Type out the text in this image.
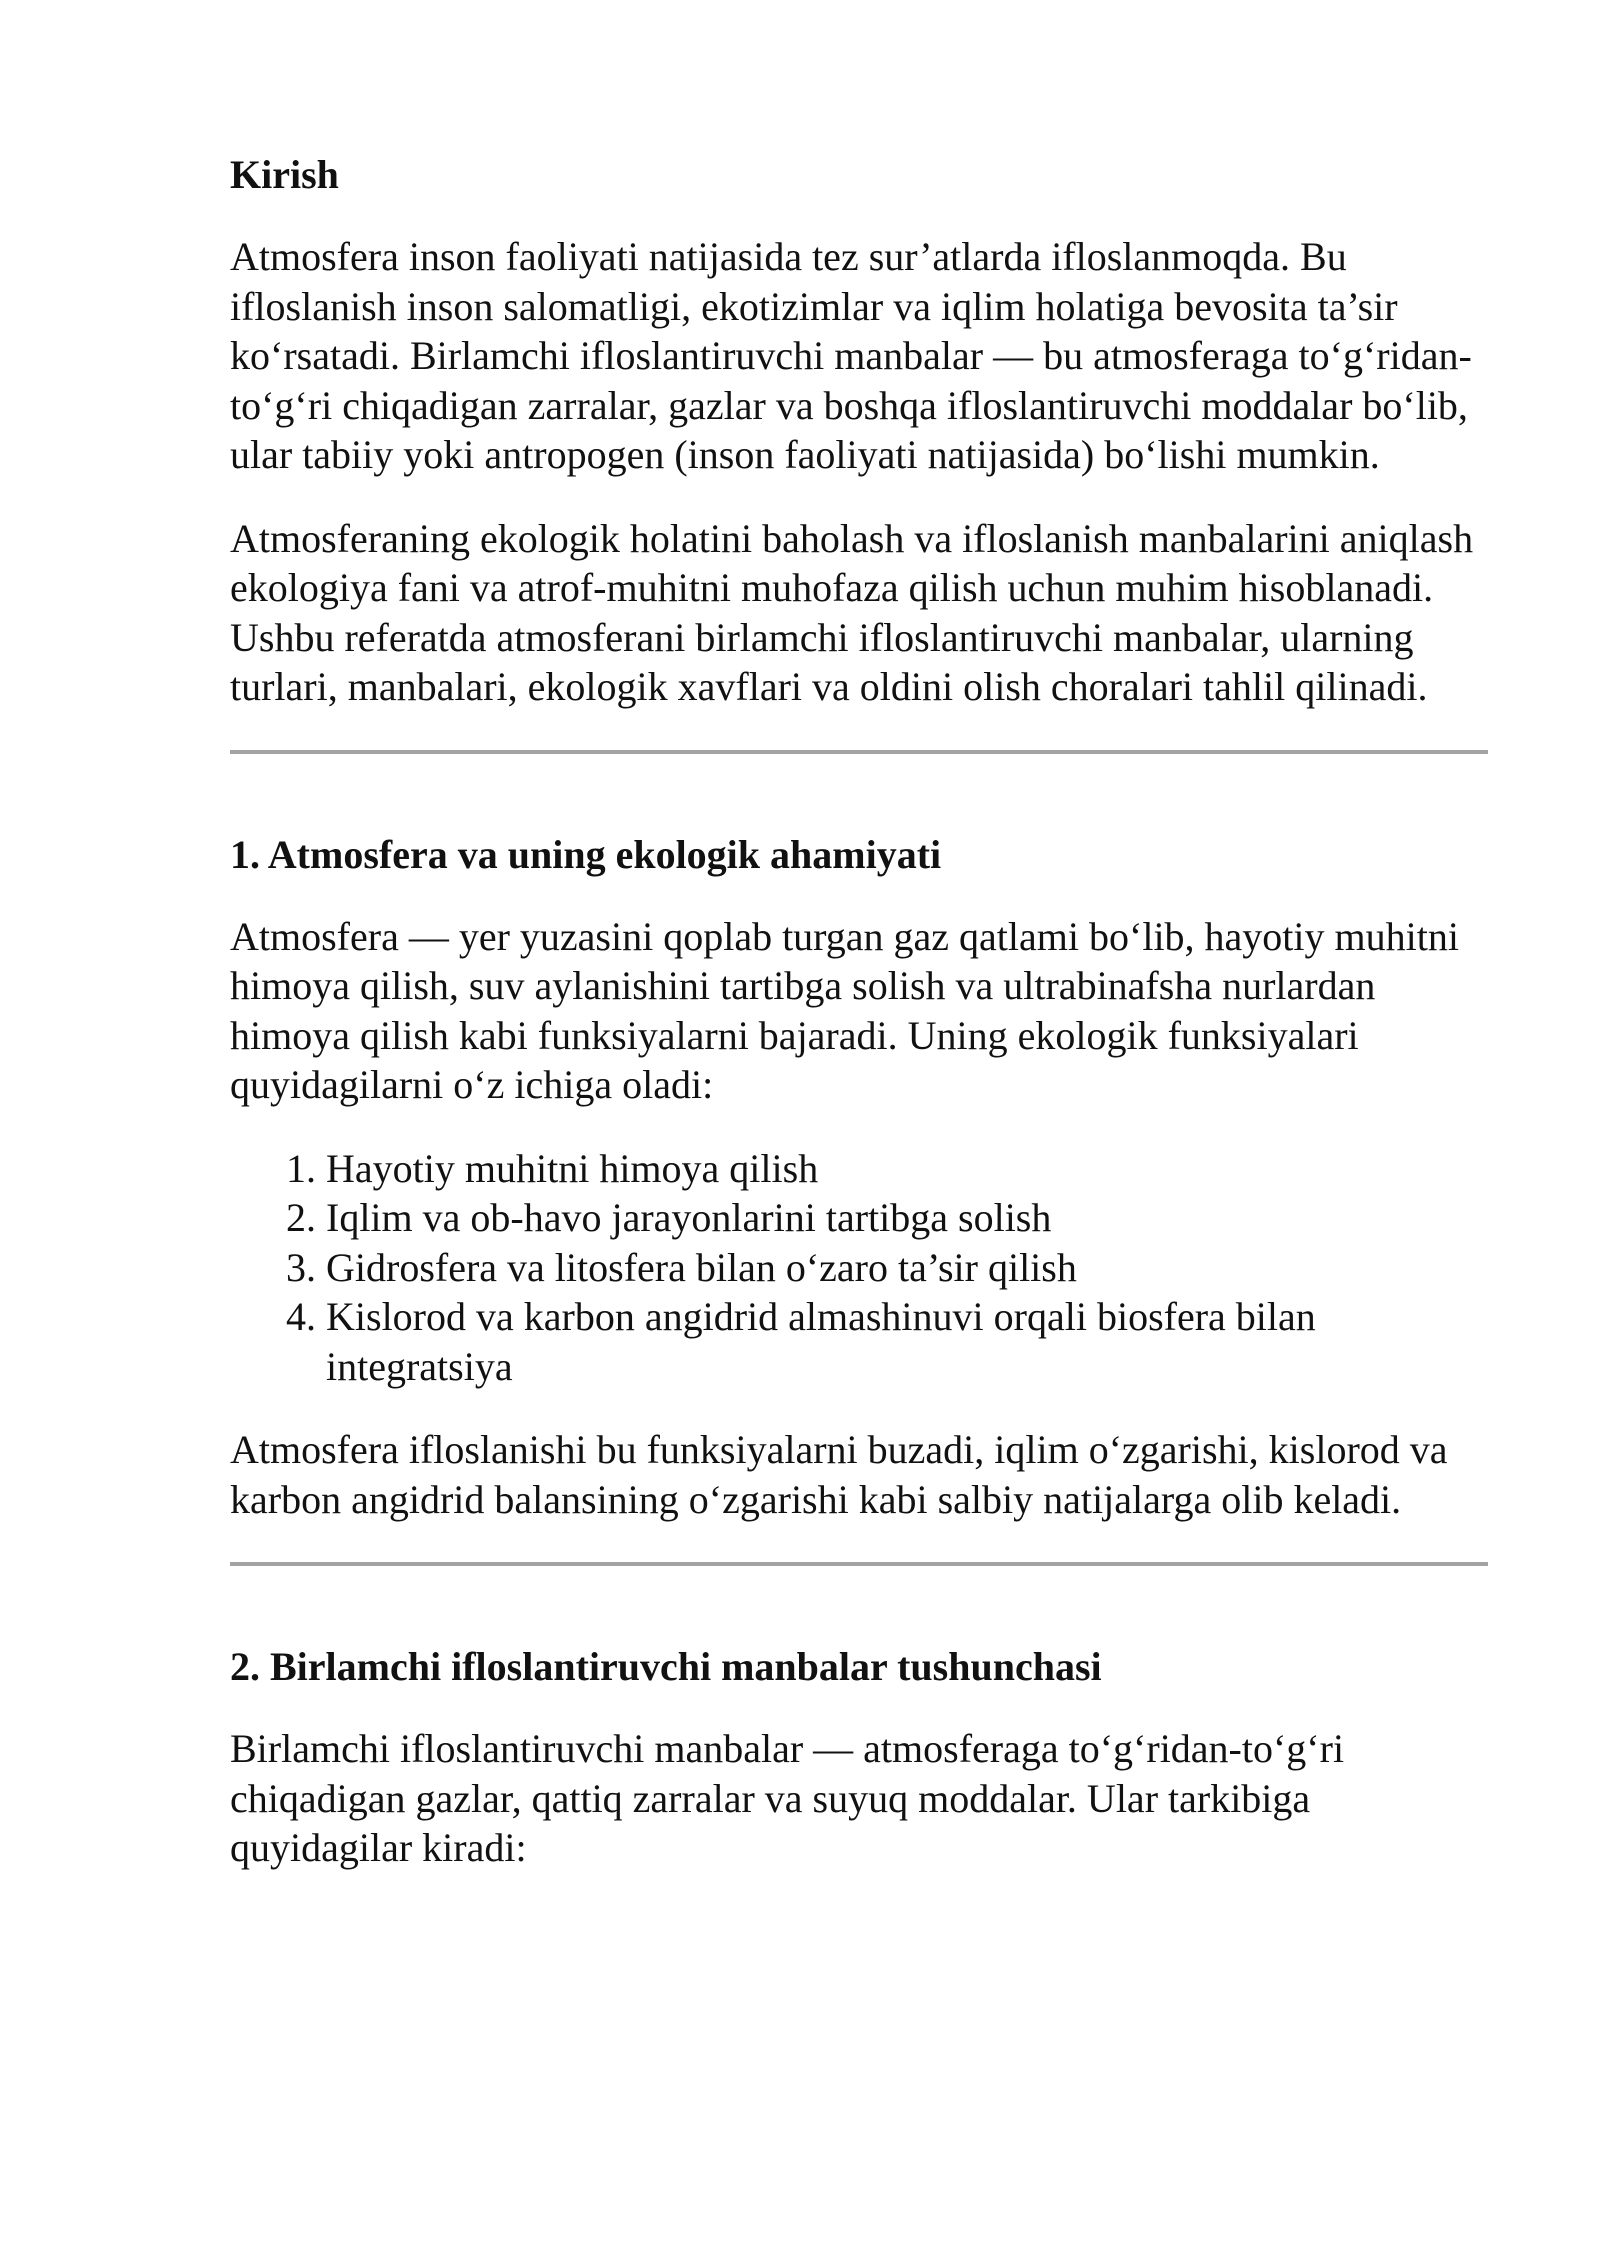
Kirish

Atmosfera inson faoliyati natijasida tez sur’atlarda ifloslanmoqda. Bu ifloslanish inson salomatligi, ekotizimlar va iqlim holatiga bevosita ta’sir ko‘rsatadi. Birlamchi ifloslantiruvchi manbalar — bu atmosferaga to‘g‘ridan-to‘g‘ri chiqadigan zarralar, gazlar va boshqa ifloslantiruvchi moddalar bo‘lib, ular tabiiy yoki antropogen (inson faoliyati natijasida) bo‘lishi mumkin.

Atmosferaning ekologik holatini baholash va ifloslanish manbalarini aniqlash ekologiya fani va atrof-muhitni muhofaza qilish uchun muhim hisoblanadi. Ushbu referatda atmosferani birlamchi ifloslantiruvchi manbalar, ularning turlari, manbalari, ekologik xavflari va oldini olish choralari tahlil qilinadi.

1. Atmosfera va uning ekologik ahamiyati

Atmosfera — yer yuzasini qoplab turgan gaz qatlami bo‘lib, hayotiy muhitni himoya qilish, suv aylanishini tartibga solish va ultrabinafsha nurlardan himoya qilish kabi funksiyalarni bajaradi. Uning ekologik funksiyalari quyidagilarni o‘z ichiga oladi:

1. Hayotiy muhitni himoya qilish
2. Iqlim va ob-havo jarayonlarini tartibga solish
3. Gidrosfera va litosfera bilan o‘zaro ta’sir qilish
4. Kislorod va karbon angidrid almashinuvi orqali biosfera bilan integratsiya

Atmosfera ifloslanishi bu funksiyalarni buzadi, iqlim o‘zgarishi, kislorod va karbon angidrid balansining o‘zgarishi kabi salbiy natijalarga olib keladi.

2. Birlamchi ifloslantiruvchi manbalar tushunchasi

Birlamchi ifloslantiruvchi manbalar — atmosferaga to‘g‘ridan-to‘g‘ri chiqadigan gazlar, qattiq zarralar va suyuq moddalar. Ular tarkibiga quyidagilar kiradi:
